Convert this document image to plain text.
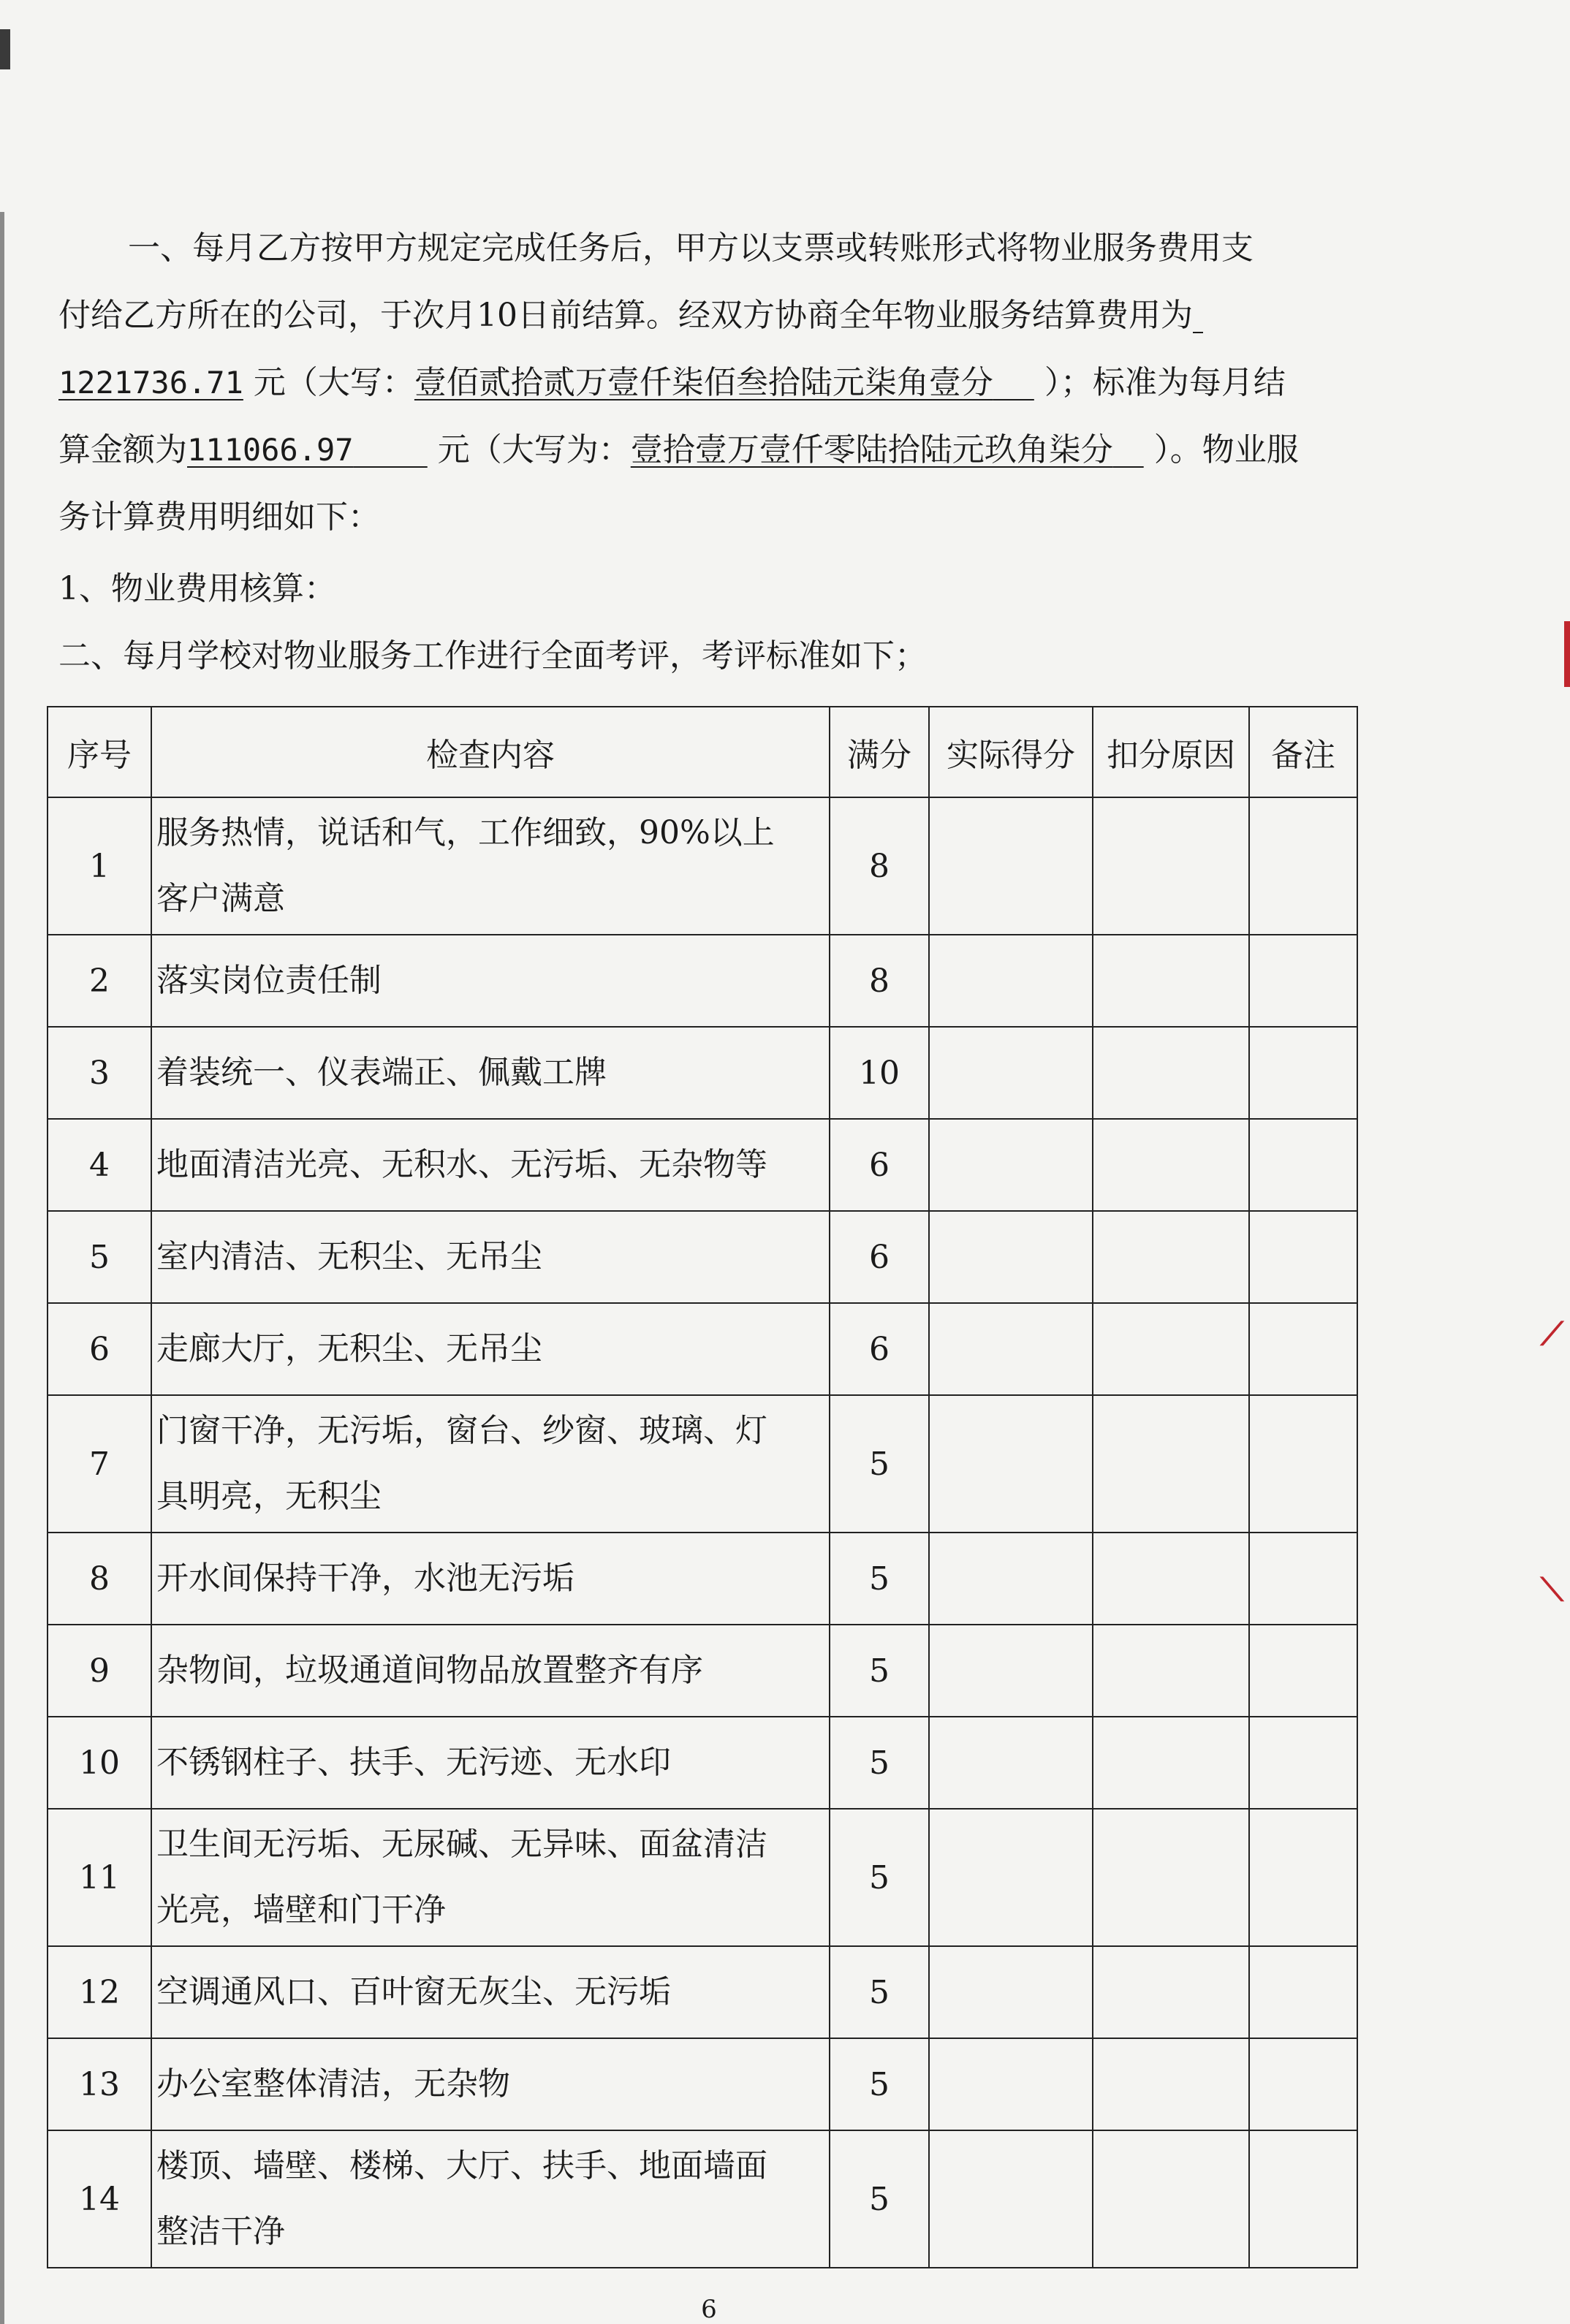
一、每月乙方按甲方规定完成任务后，甲方以支票或转账形式将物业服务费用支
付给乙方所在的公司，于次月10日前结算。经双方协商全年物业服务结算费用为
1221736.71 元（大写：壹佰贰拾贰万壹仟柒佰叁拾陆元柒角壹分 ）；标准为每月结
算金额为111066.97	元（大写为：壹拾壹万壹仟零陆拾陆元玖角柒分 ）。物业服
务计算费用明细如下：
1、物业费用核算：
二、每月学校对物业服务工作进行全面考评，考评标准如下；
序号	检查内容	满分	实际得分	扣分原因	备注
1	服务热情，说话和气，工作细致，90%以上
客户满意	8			
2	落实岗位责任制	8			
3	着装统一、仪表端正、佩戴工牌	10			
4	地面清洁光亮、无积水、无污垢、无杂物等	6			
5	室内清洁、无积尘、无吊尘	6			
6	走廊大厅，无积尘、无吊尘	6			
7	门窗干净，无污垢，窗台、纱窗、玻璃、灯
具明亮，无积尘	5			
8	开水间保持干净，水池无污垢	5			
9	杂物间，垃圾通道间物品放置整齐有序	5			
10	不锈钢柱子、扶手、无污迹、无水印	5			
11	卫生间无污垢、无尿碱、无异味、面盆清洁
光亮，墙壁和门干净	5			
12	空调通风口、百叶窗无灰尘、无污垢	5			
13	办公室整体清洁，无杂物	5			
14	楼顶、墙壁、楼梯、大厅、扶手、地面墙面
整洁干净	5			
6
⟋
⟍
